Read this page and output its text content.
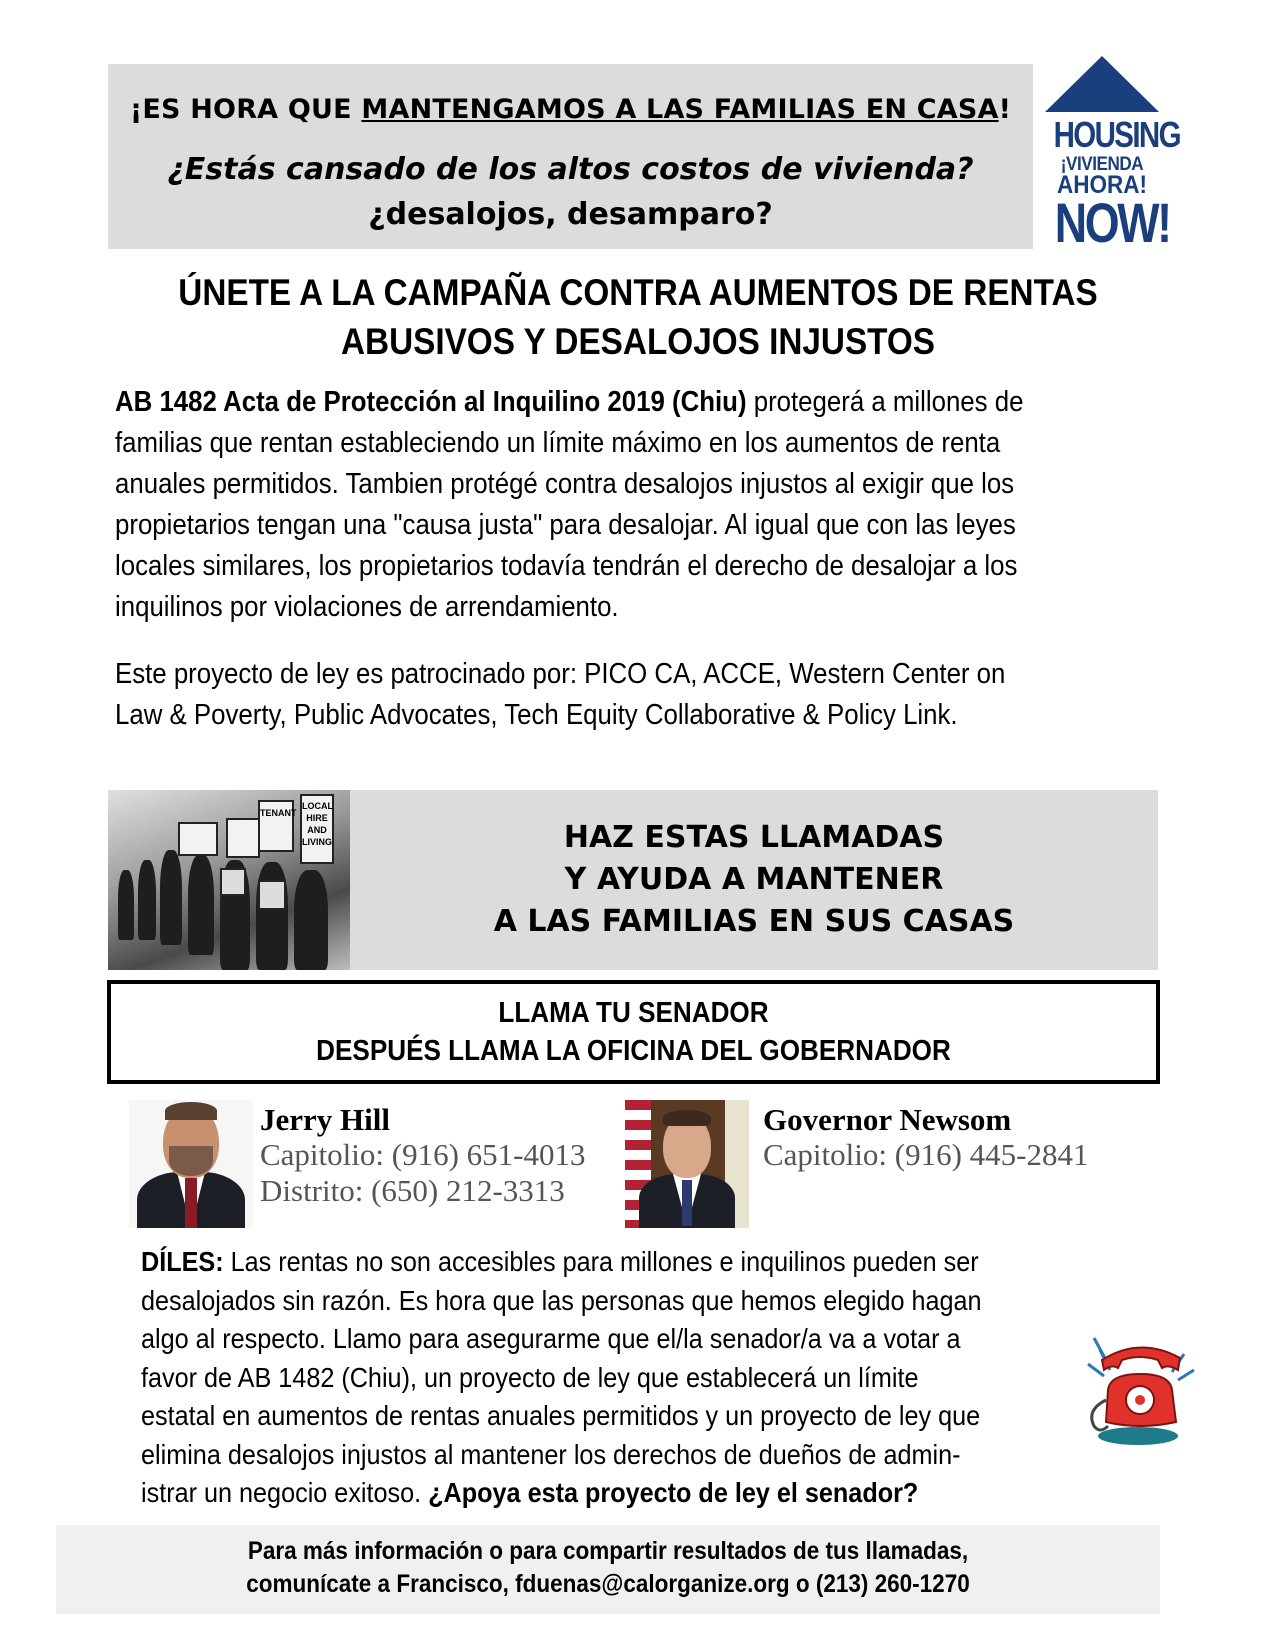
¡ES HORA QUE MANTENGAMOS A LAS FAMILIAS EN CASA!
¿Estás cansado de los altos costos de vivienda?
¿desalojos, desamparo?
HOUSING
¡VIVIENDA
AHORA!
NOW!
ÚNETE A LA CAMPAÑA CONTRA AUMENTOS DE RENTAS
ABUSIVOS Y DESALOJOS INJUSTOS
AB 1482 Acta de Protección al Inquilino 2019 (Chiu) protegerá a millones de
familias que rentan estableciendo un límite máximo en los aumentos de renta
anuales permitidos. Tambien protégé contra desalojos injustos al exigir que los
propietarios tengan una "causa justa" para desalojar. Al igual que con las leyes
locales similares, los propietarios todavía tendrán el derecho de desalojar a los
inquilinos por violaciones de arrendamiento.
Este proyecto de ley es patrocinado por: PICO CA, ACCE, Western Center on
Law & Poverty, Public Advocates, Tech Equity Collaborative & Policy Link.
TENANT
LOCAL
HIRE
AND
LIVING	HAZ ESTAS LLAMADAS
Y AYUDA A MANTENER
A LAS FAMILIAS EN SUS CASAS
LLAMA TU SENADOR
DESPUÉS LLAMA LA OFICINA DEL GOBERNADOR
Jerry Hill
Capitolio: (916) 651-4013
Distrito: (650) 212-3313
Governor Newsom
Capitolio: (916) 445-2841
DÍLES: Las rentas no son accesibles para millones e inquilinos pueden ser
desalojados sin razón. Es hora que las personas que hemos elegido hagan
algo al respecto. Llamo para asegurarme que el/la senador/a va a votar a
favor de AB 1482 (Chiu), un proyecto de ley que establecerá un límite
estatal en aumentos de rentas anuales permitidos y un proyecto de ley que
elimina desalojos injustos al mantener los derechos de dueños de admin-
istrar un negocio exitoso. ¿Apoya esta proyecto de ley el senador?
Para más información o para compartir resultados de tus llamadas,
comunícate a Francisco, fduenas@calorganize.org o (213) 260-1270
